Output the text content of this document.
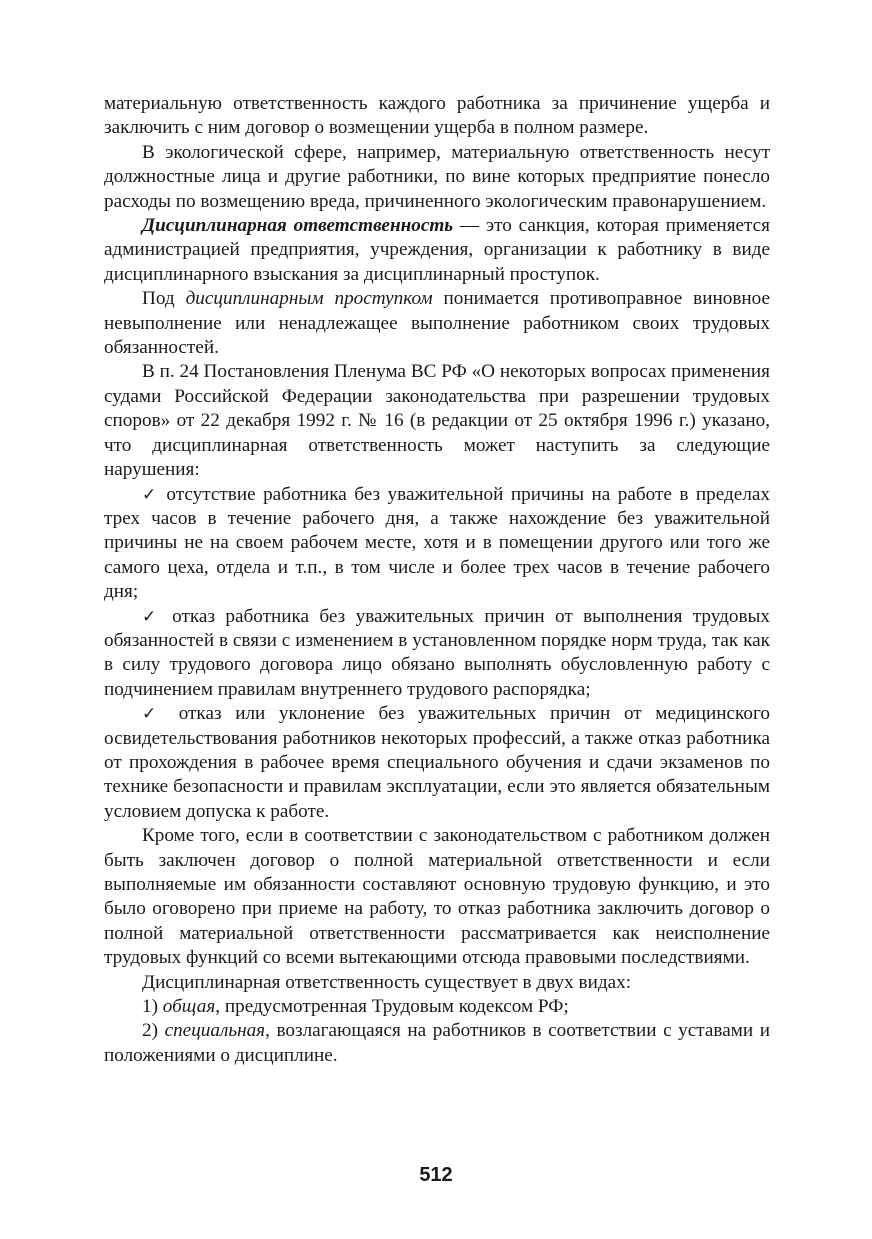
материальную ответственность каждого работника за причинение ущерба и заключить с ним договор о возмещении ущерба в полном размере.

В экологической сфере, например, материальную ответственность несут должностные лица и другие работники, по вине которых предприятие понесло расходы по возмещению вреда, причиненного экологическим правонарушением.

Дисциплинарная ответственность — это санкция, которая применяется администрацией предприятия, учреждения, организации к работнику в виде дисциплинарного взыскания за дисциплинарный проступок.

Под дисциплинарным проступком понимается противоправное виновное невыполнение или ненадлежащее выполнение работником своих трудовых обязанностей.

В п. 24 Постановления Пленума ВС РФ «О некоторых вопросах применения судами Российской Федерации законодательства при разрешении трудовых споров» от 22 декабря 1992 г. № 16 (в редакции от 25 октября 1996 г.) указано, что дисциплинарная ответственность может наступить за следующие нарушения:

✓ отсутствие работника без уважительной причины на работе в пределах трех часов в течение рабочего дня, а также нахождение без уважительной причины не на своем рабочем месте, хотя и в помещении другого или того же самого цеха, отдела и т.п., в том числе и более трех часов в течение рабочего дня;

✓ отказ работника без уважительных причин от выполнения трудовых обязанностей в связи с изменением в установленном порядке норм труда, так как в силу трудового договора лицо обязано выполнять обусловленную работу с подчинением правилам внутреннего трудового распорядка;

✓ отказ или уклонение без уважительных причин от медицинского освидетельствования работников некоторых профессий, а также отказ работника от прохождения в рабочее время специального обучения и сдачи экзаменов по технике безопасности и правилам эксплуатации, если это является обязательным условием допуска к работе.

Кроме того, если в соответствии с законодательством с работником должен быть заключен договор о полной материальной ответственности и если выполняемые им обязанности составляют основную трудовую функцию, и это было оговорено при приеме на работу, то отказ работника заключить договор о полной материальной ответственности рассматривается как неисполнение трудовых функций со всеми вытекающими отсюда правовыми последствиями.

Дисциплинарная ответственность существует в двух видах:

1) общая, предусмотренная Трудовым кодексом РФ;

2) специальная, возлагающаяся на работников в соответствии с уставами и положениями о дисциплине.

512
